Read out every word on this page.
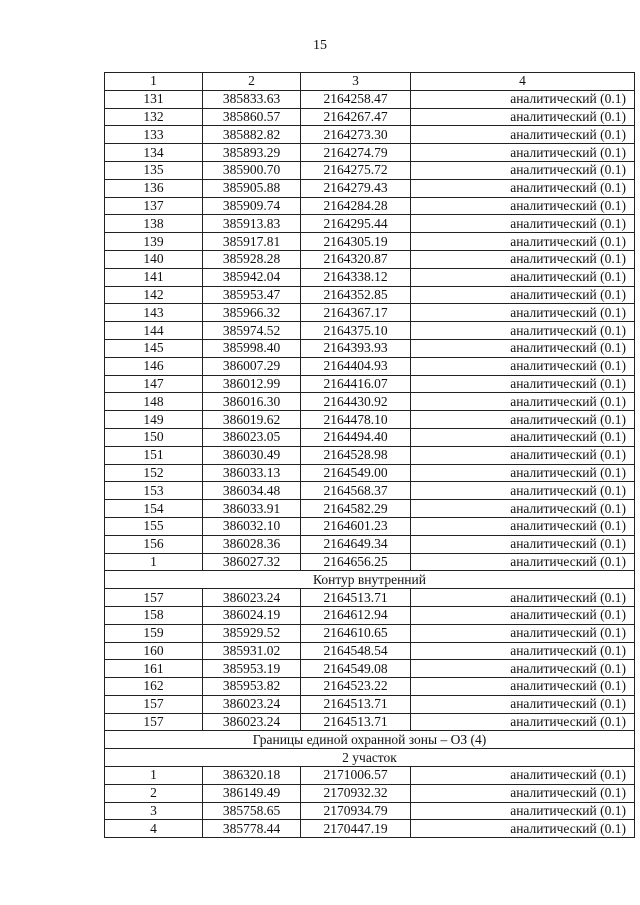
15
1	2	3	4
131	385833.63	2164258.47	аналитический (0.1)
132	385860.57	2164267.47	аналитический (0.1)
133	385882.82	2164273.30	аналитический (0.1)
134	385893.29	2164274.79	аналитический (0.1)
135	385900.70	2164275.72	аналитический (0.1)
136	385905.88	2164279.43	аналитический (0.1)
137	385909.74	2164284.28	аналитический (0.1)
138	385913.83	2164295.44	аналитический (0.1)
139	385917.81	2164305.19	аналитический (0.1)
140	385928.28	2164320.87	аналитический (0.1)
141	385942.04	2164338.12	аналитический (0.1)
142	385953.47	2164352.85	аналитический (0.1)
143	385966.32	2164367.17	аналитический (0.1)
144	385974.52	2164375.10	аналитический (0.1)
145	385998.40	2164393.93	аналитический (0.1)
146	386007.29	2164404.93	аналитический (0.1)
147	386012.99	2164416.07	аналитический (0.1)
148	386016.30	2164430.92	аналитический (0.1)
149	386019.62	2164478.10	аналитический (0.1)
150	386023.05	2164494.40	аналитический (0.1)
151	386030.49	2164528.98	аналитический (0.1)
152	386033.13	2164549.00	аналитический (0.1)
153	386034.48	2164568.37	аналитический (0.1)
154	386033.91	2164582.29	аналитический (0.1)
155	386032.10	2164601.23	аналитический (0.1)
156	386028.36	2164649.34	аналитический (0.1)
1	386027.32	2164656.25	аналитический (0.1)
Контур внутренний			
157	386023.24	2164513.71	аналитический (0.1)
158	386024.19	2164612.94	аналитический (0.1)
159	385929.52	2164610.65	аналитический (0.1)
160	385931.02	2164548.54	аналитический (0.1)
161	385953.19	2164549.08	аналитический (0.1)
162	385953.82	2164523.22	аналитический (0.1)
157	386023.24	2164513.71	аналитический (0.1)
157	386023.24	2164513.71	аналитический (0.1)
Границы единой охранной зоны – ОЗ (4)			
2 участок			
1	386320.18	2171006.57	аналитический (0.1)
2	386149.49	2170932.32	аналитический (0.1)
3	385758.65	2170934.79	аналитический (0.1)
4	385778.44	2170447.19	аналитический (0.1)
